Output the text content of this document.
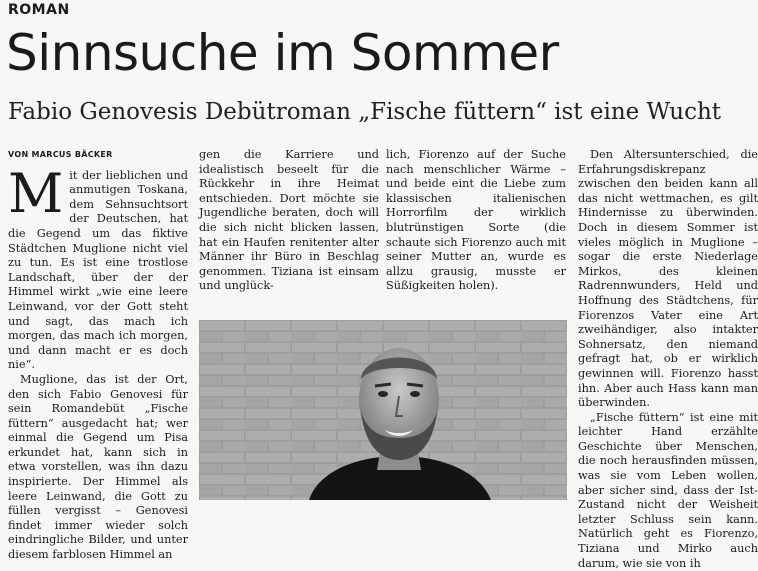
ROMAN
Sinnsuche im Sommer
Fabio Genovesis Debütroman „Fische füttern“ ist eine Wucht
VON MARCUS BÄCKER
M it der lieblichen und anmutigen Toskana, dem Sehnsuchtsort der Deutschen, hat die Gegend um das fiktive Städtchen Muglione nicht viel zu tun. Es ist eine trostlose Landschaft, über der der Himmel wirkt „wie eine leere Leinwand, vor der Gott steht und sagt, das mach ich morgen, das mach ich morgen, und dann macht er es doch nie“.

Muglione, das ist der Ort, den sich Fabio Genovesi für sein Romandebüt „Fische füttern“ ausgedacht hat; wer einmal die Gegend um Pisa erkundet hat, kann sich in etwa vorstellen, was ihn dazu inspirierte. Der Himmel als leere Leinwand, die Gott zu füllen vergisst – Genovesi findet immer wieder solch eindringliche Bilder, und unter diesem farblosen Himmel an

gen die Karriere und idealistisch beseelt für die Rückkehr in ihre Heimat entschieden. Dort möchte sie Jugendliche beraten, doch will die sich nicht blicken lassen, hat ein Haufen renitenter alter Männer ihr Büro in Beschlag genommen. Tiziana ist einsam und unglück-

lich, Fiorenzo auf der Suche nach menschlicher Wärme – und beide eint die Liebe zum klassischen italienischen Horrorfilm der wirklich blutrünstigen Sorte (die schaute sich Fiorenzo auch mit seiner Mutter an, wurde es allzu grausig, musste er Süßigkeiten holen).

Den Altersunterschied, die Erfahrungsdiskrepanz zwischen den beiden kann all das nicht wettmachen, es gilt Hindernisse zu überwinden. Doch in diesem Sommer ist vieles möglich in Muglione – sogar die erste Niederlage Mirkos, des kleinen Radrennwunders, Held und Hoffnung des Städtchens, für Fiorenzos Vater eine Art zweihändiger, also intakter Sohnersatz, den niemand gefragt hat, ob er wirklich gewinnen will. Fiorenzo hasst ihn. Aber auch Hass kann man überwinden.

„Fische füttern“ ist eine mit leichter Hand erzählte Geschichte über Menschen, die noch herausfinden müssen, was sie vom Leben wollen, aber sicher sind, dass der Ist-Zustand nicht der Weisheit letzter Schluss sein kann. Natürlich geht es Fiorenzo, Tiziana und Mirko auch darum, wie sie von ih
